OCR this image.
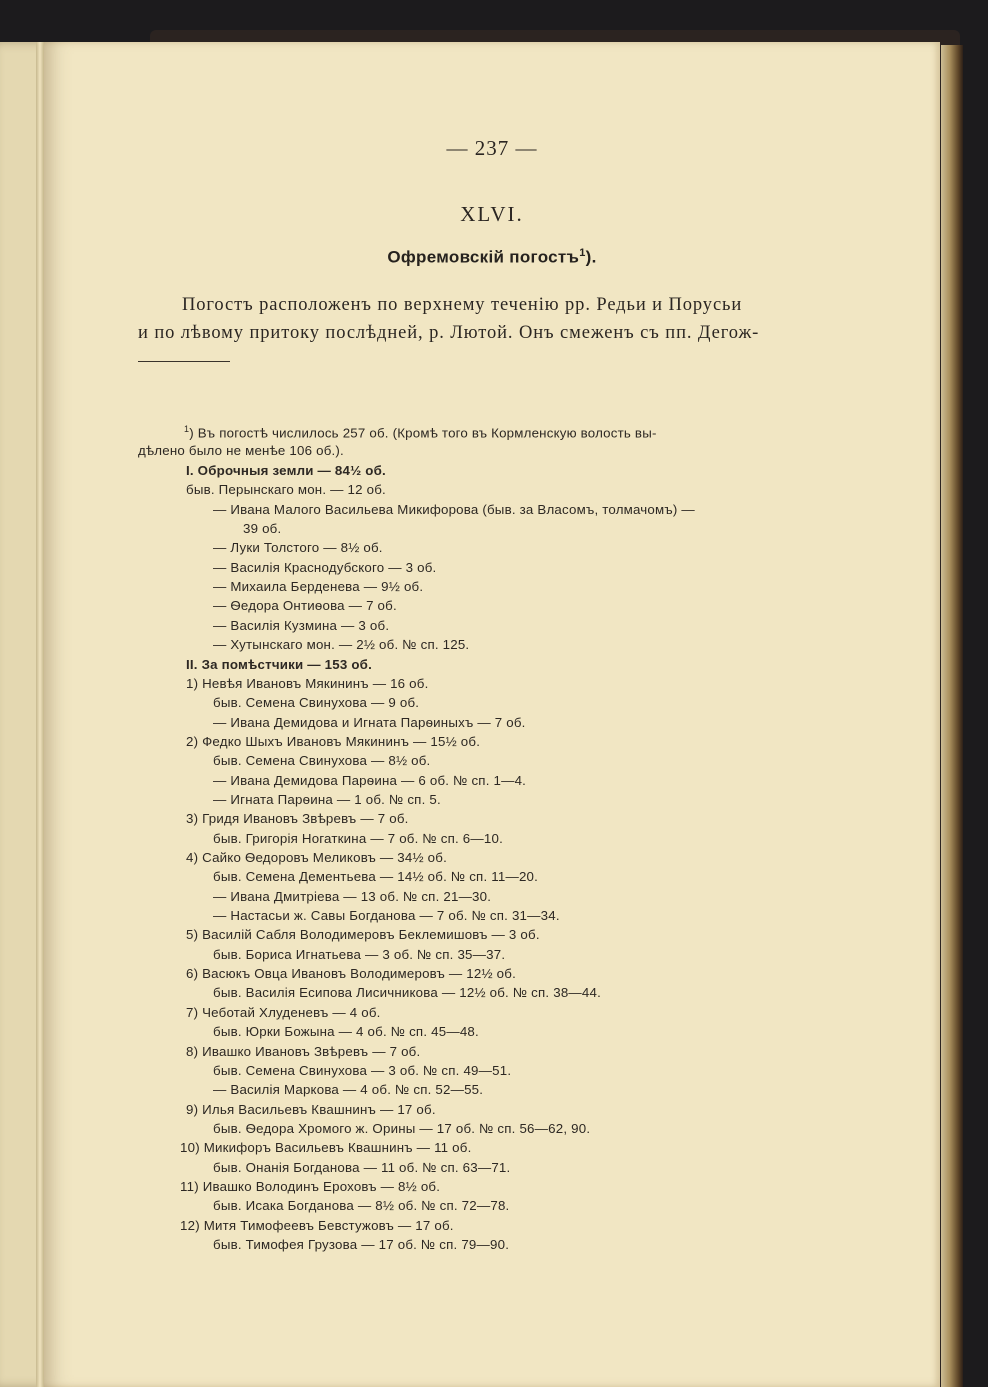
— 237 —
XLVI.
Офремовскій погостъ$^1$).
Погостъ расположенъ по верхнему теченію рр. Редьи и Порусьи
и по лѣвому притоку послѣдней, р. Лютой. Онъ смеженъ съ пп. Дегож-
$^1$) Въ погостѣ числилось 257 об. (Кромѣ того въ Кормленскую волость вы-
дѣлено было не менѣе 106 об.).
I. Оброчныя земли — 84½ об.
быв. Перынскаго мон. — 12 об.
— Ивана Малого Васильева Микифорова (быв. за Власомъ, толмачомъ) —
39 об.
— Луки Толстого — 8½ об.
— Василія Краснодубского — 3 об.
— Михаила Берденева — 9½ об.
— Ѳедора Онтиѳова — 7 об.
— Василія Кузмина — 3 об.
— Хутынскаго мон. — 2½ об. № сп. 125.
II. За помѣстчики — 153 об.
1) Невѣя Ивановъ Мякининъ — 16 об.
быв. Семена Свинухова — 9 об.
— Ивана Демидова и Игната Парѳиныхъ — 7 об.
2) Федко Шыхъ Ивановъ Мякининъ — 15½ об.
быв. Семена Свинухова — 8½ об.
— Ивана Демидова Парѳина — 6 об. № сп. 1—4.
— Игната Парѳина — 1 об. № сп. 5.
3) Гридя Ивановъ Звѣревъ — 7 об.
быв. Григорія Ногаткина — 7 об. № сп. 6—10.
4) Сайко Ѳедоровъ Меликовъ — 34½ об.
быв. Семена Дементьева — 14½ об. № сп. 11—20.
— Ивана Дмитріева — 13 об. № сп. 21—30.
— Настасьи ж. Савы Богданова — 7 об. № сп. 31—34.
5) Василій Сабля Володимеровъ Беклемишовъ — 3 об.
быв. Бориса Игнатьева — 3 об. № сп. 35—37.
6) Васюкъ Овца Ивановъ Володимеровъ — 12½ об.
быв. Василія Есипова Лисичникова — 12½ об. № сп. 38—44.
7) Чеботай Хлуденевъ — 4 об.
быв. Юрки Божына — 4 об. № сп. 45—48.
8) Ивашко Ивановъ Звѣревъ — 7 об.
быв. Семена Свинухова — 3 об. № сп. 49—51.
— Василія Маркова — 4 об. № сп. 52—55.
9) Илья Васильевъ Квашнинъ — 17 об.
быв. Ѳедора Хромого ж. Орины — 17 об. № сп. 56—62, 90.
10) Микифоръ Васильевъ Квашнинъ — 11 об.
быв. Онанія Богданова — 11 об. № сп. 63—71.
11) Ивашко Володинъ Ероховъ — 8½ об.
быв. Исака Богданова — 8½ об. № сп. 72—78.
12) Митя Тимофеевъ Бевстужовъ — 17 об.
быв. Тимофея Грузова — 17 об. № сп. 79—90.
